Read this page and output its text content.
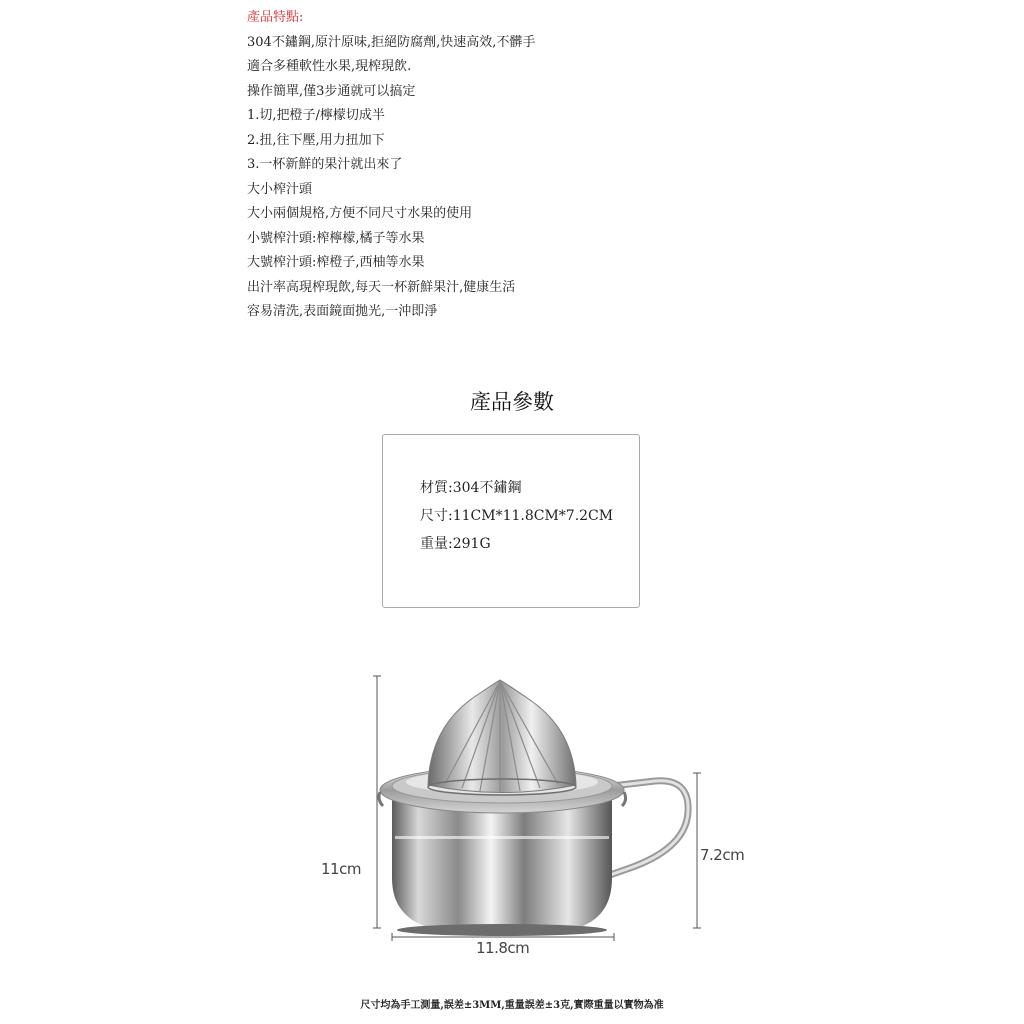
產品特點:
304不鏽鋼,原汁原味,拒絕防腐劑,快速高效,不髒手
適合多種軟性水果,現榨現飲.
操作簡單,僅3步通就可以搞定
1.切,把橙子/檸檬切成半
2.扭,往下壓,用力扭加下
3.一杯新鮮的果汁就出來了
大小榨汁頭
大小兩個規格,方便不同尺寸水果的使用
小號榨汁頭:榨檸檬,橘子等水果
大號榨汁頭:榨橙子,西柚等水果
出汁率高現榨現飲,每天一杯新鮮果汁,健康生活
容易清洗,表面鏡面拋光,一沖即淨
產品參數
材質:304不鏽鋼
尺寸:11CM*11.8CM*7.2CM
重量:291G
11cm
7.2cm
11.8cm
尺寸均為手工測量,誤差±3MM,重量誤差±3克,實際重量以實物為准
